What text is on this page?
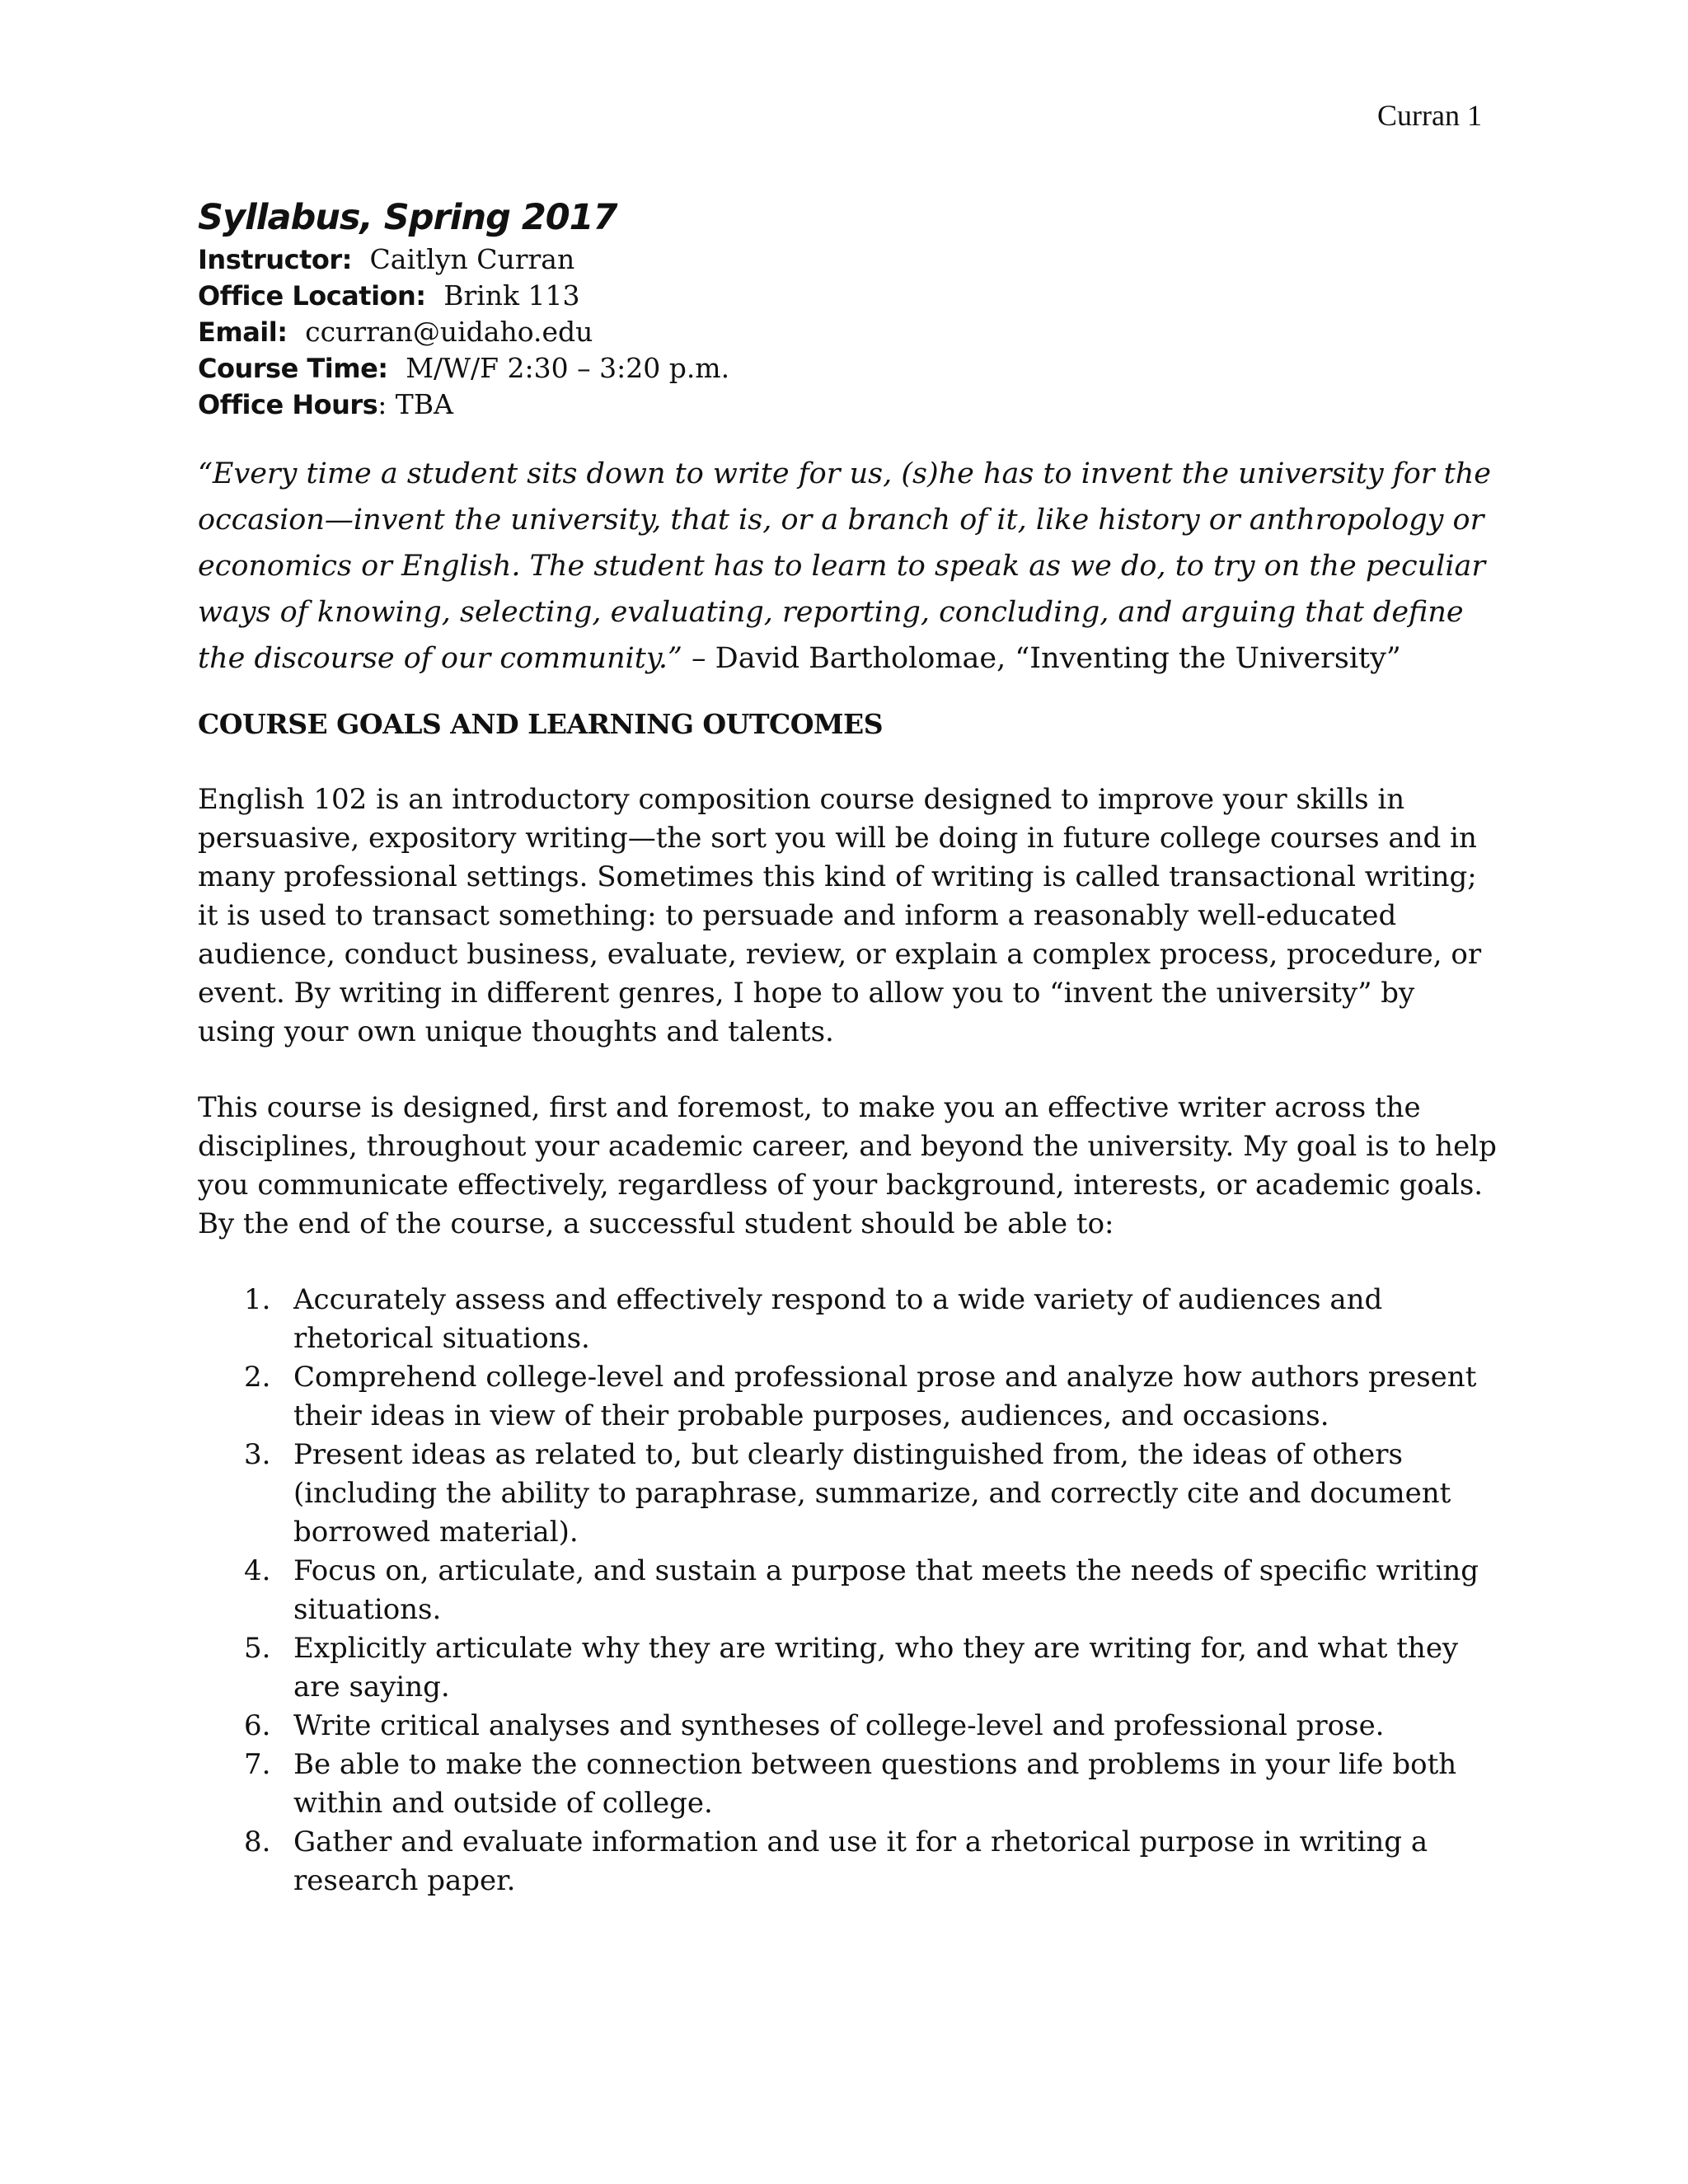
Curran 1
Syllabus, Spring 2017

Instructor: Caitlyn Curran

Office Location: Brink 113

Email: ccurran@uidaho.edu

Course Time: M/W/F 2:30 – 3:20 p.m.

Office Hours: TBA

“Every time a student sits down to write for us, (s)he has to invent the university for the occasion—invent the university, that is, or a branch of it, like history or anthropology or economics or English. The student has to learn to speak as we do, to try on the peculiar ways of knowing, selecting, evaluating, reporting, concluding, and arguing that define the discourse of our community.” – David Bartholomae, “Inventing the University”

COURSE GOALS AND LEARNING OUTCOMES

English 102 is an introductory composition course designed to improve your skills in persuasive, expository writing—the sort you will be doing in future college courses and in many professional settings. Sometimes this kind of writing is called transactional writing; it is used to transact something: to persuade and inform a reasonably well-educated audience, conduct business, evaluate, review, or explain a complex process, procedure, or event. By writing in different genres, I hope to allow you to “invent the university” by using your own unique thoughts and talents.

This course is designed, first and foremost, to make you an effective writer across the disciplines, throughout your academic career, and beyond the university. My goal is to help you communicate effectively, regardless of your background, interests, or academic goals. By the end of the course, a successful student should be able to:

1. Accurately assess and effectively respond to a wide variety of audiences and rhetorical situations.
2. Comprehend college-level and professional prose and analyze how authors present their ideas in view of their probable purposes, audiences, and occasions.
3. Present ideas as related to, but clearly distinguished from, the ideas of others (including the ability to paraphrase, summarize, and correctly cite and document borrowed material).
4. Focus on, articulate, and sustain a purpose that meets the needs of specific writing situations.
5. Explicitly articulate why they are writing, who they are writing for, and what they are saying.
6. Write critical analyses and syntheses of college-level and professional prose.
7. Be able to make the connection between questions and problems in your life both within and outside of college.
8. Gather and evaluate information and use it for a rhetorical purpose in writing a research paper.
